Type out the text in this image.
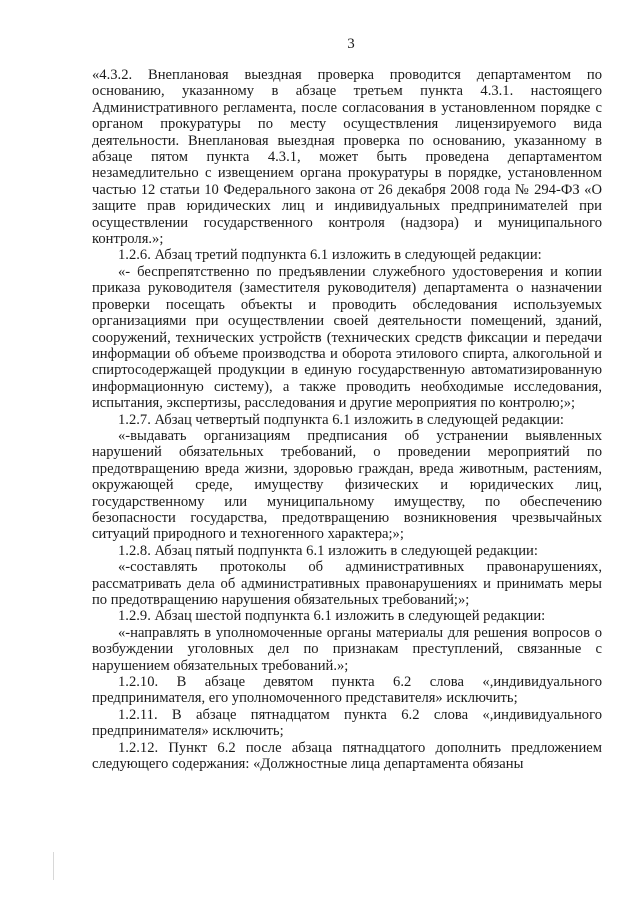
3

«4.3.2. Внеплановая выездная проверка проводится департаментом по основанию, указанному в абзаце третьем пункта 4.3.1. настоящего Административного регламента, после согласования в установленном порядке с органом прокуратуры по месту осуществления лицензируемого вида деятельности. Внеплановая выездная проверка по основанию, указанному в абзаце пятом пункта 4.3.1, может быть проведена департаментом незамедлительно с извещением органа прокуратуры в порядке, установленном частью 12 статьи 10 Федерального закона от 26 декабря 2008 года № 294-ФЗ «О защите прав юридических лиц и индивидуальных предпринимателей при осуществлении государственного контроля (надзора) и муниципального контроля.»;

1.2.6. Абзац третий подпункта 6.1 изложить в следующей редакции:

«- беспрепятственно по предъявлении служебного удостоверения и копии приказа руководителя (заместителя руководителя) департамента о назначении проверки посещать объекты и проводить обследования используемых организациями при осуществлении своей деятельности помещений, зданий, сооружений, технических устройств (технических средств фиксации и передачи информации об объеме производства и оборота этилового спирта, алкогольной и спиртосодержащей продукции в единую государственную автоматизированную информационную систему), а также проводить необходимые исследования, испытания, экспертизы, расследования и другие мероприятия по контролю;»;

1.2.7. Абзац четвертый подпункта 6.1 изложить в следующей редакции:

«-выдавать организациям предписания об устранении выявленных нарушений обязательных требований, о проведении мероприятий по предотвращению вреда жизни, здоровью граждан, вреда животным, растениям, окружающей среде, имуществу физических и юридических лиц, государственному или муниципальному имуществу, по обеспечению безопасности государства, предотвращению возникновения чрезвычайных ситуаций природного и техногенного характера;»;

1.2.8. Абзац пятый подпункта 6.1 изложить в следующей редакции:

«-составлять протоколы об административных правонарушениях, рассматривать дела об административных правонарушениях и принимать меры по предотвращению нарушения обязательных требований;»;

1.2.9. Абзац шестой подпункта 6.1 изложить в следующей редакции:

«-направлять в уполномоченные органы материалы для решения вопросов о возбуждении уголовных дел по признакам преступлений, связанные с нарушением обязательных требований.»;

1.2.10. В абзаце девятом пункта 6.2 слова «,индивидуального предпринимателя, его уполномоченного представителя» исключить;

1.2.11. В абзаце пятнадцатом пункта 6.2 слова «,индивидуального предпринимателя» исключить;

1.2.12. Пункт 6.2 после абзаца пятнадцатого дополнить предложением следующего содержания: «Должностные лица департамента обязаны
